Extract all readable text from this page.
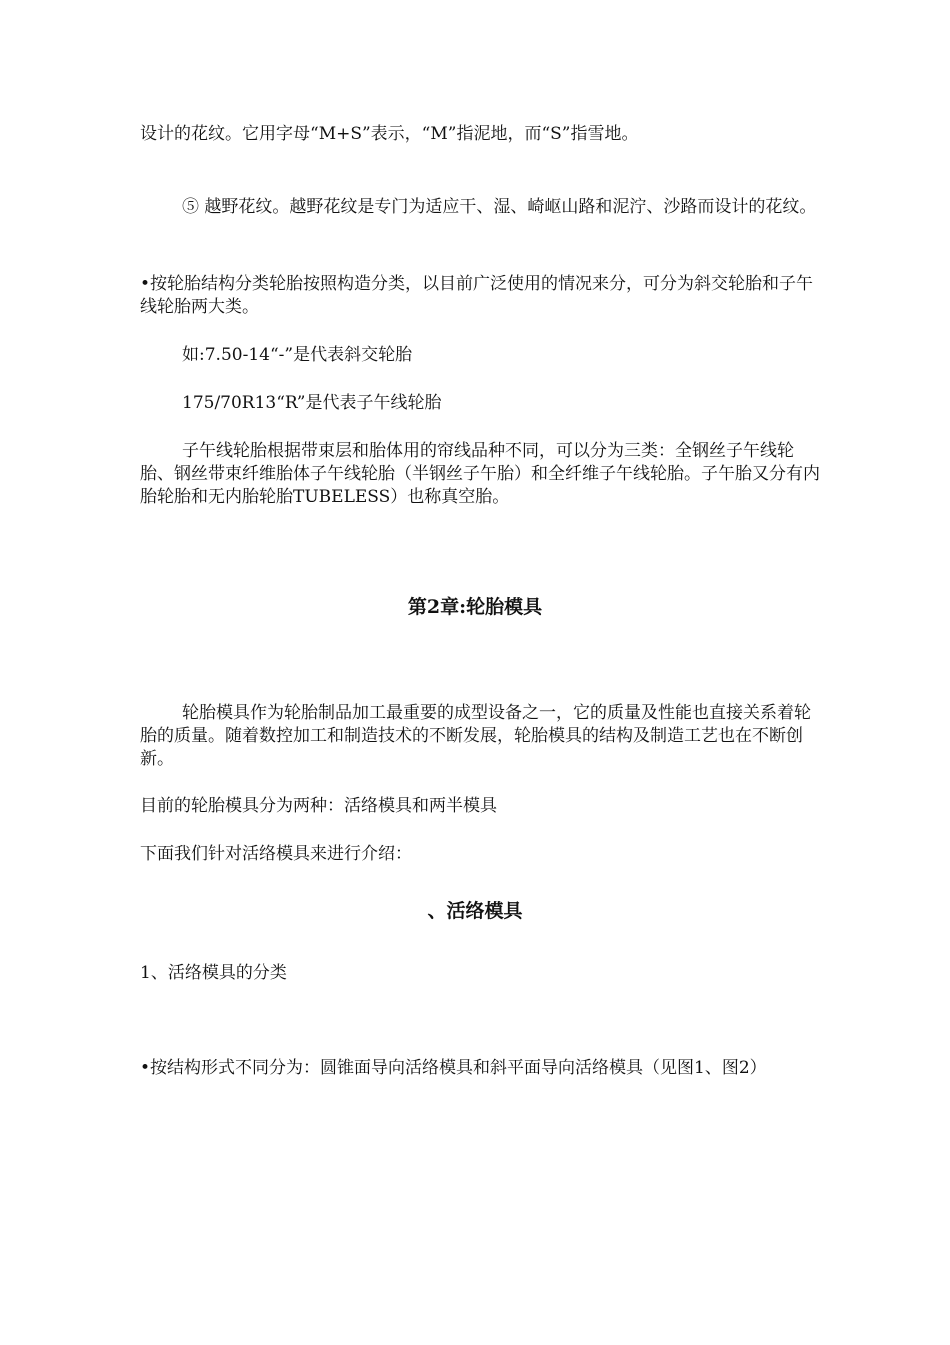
设计的花纹。它用字母“M+S”表示，“M”指泥地，而“S”指雪地。

⑤ 越野花纹。越野花纹是专门为适应干、湿、崎岖山路和泥泞、沙路而设计的花纹。

•按轮胎结构分类轮胎按照构造分类，以目前广泛使用的情况来分，可分为斜交轮胎和子午线轮胎两大类。

如:7.50-14“-”是代表斜交轮胎

175/70R13“R”是代表子午线轮胎

子午线轮胎根据带束层和胎体用的帘线品种不同，可以分为三类：全钢丝子午线轮胎、钢丝带束纤维胎体子午线轮胎（半钢丝子午胎）和全纤维子午线轮胎。子午胎又分有内胎轮胎和无内胎轮胎TUBELESS）也称真空胎。

第2章:轮胎模具

轮胎模具作为轮胎制品加工最重要的成型设备之一，它的质量及性能也直接关系着轮胎的质量。随着数控加工和制造技术的不断发展，轮胎模具的结构及制造工艺也在不断创新。

目前的轮胎模具分为两种：活络模具和两半模具

下面我们针对活络模具来进行介绍：

、活络模具

1、活络模具的分类

•按结构形式不同分为：圆锥面导向活络模具和斜平面导向活络模具（见图1、图2）
